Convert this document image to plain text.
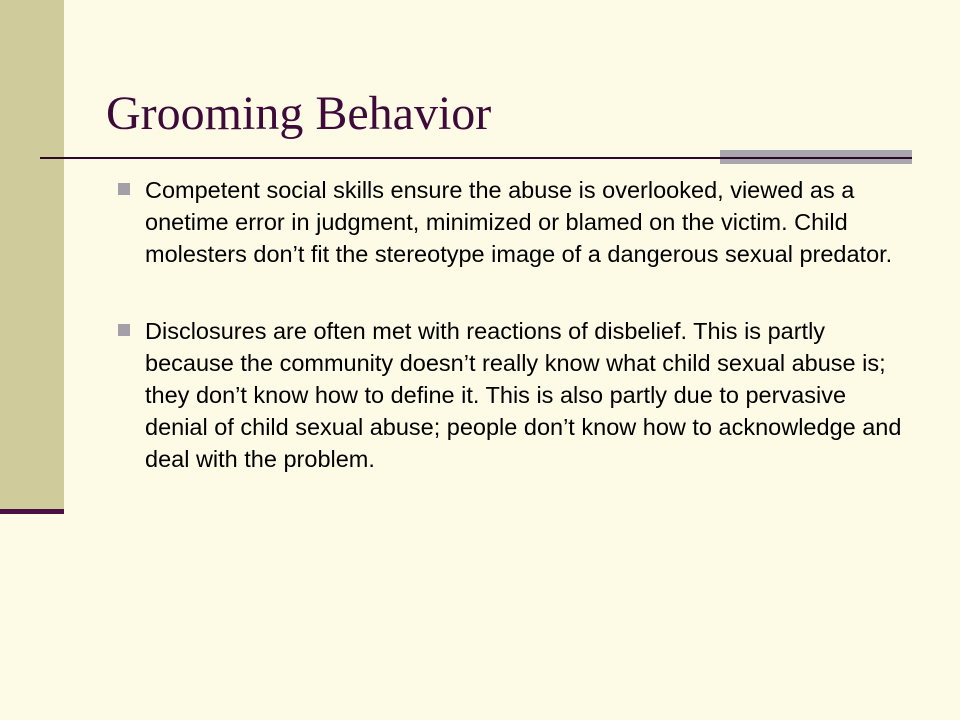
Grooming Behavior
Competent social skills ensure the abuse is overlooked, viewed as a onetime error in judgment, minimized or blamed on the victim. Child molesters don’t fit the stereotype image of a dangerous sexual predator.
Disclosures are often met with reactions of disbelief. This is partly because the community doesn’t really know what child sexual abuse is; they don’t know how to define it. This is also partly due to pervasive denial of child sexual abuse; people don’t know how to acknowledge and deal with the problem.
